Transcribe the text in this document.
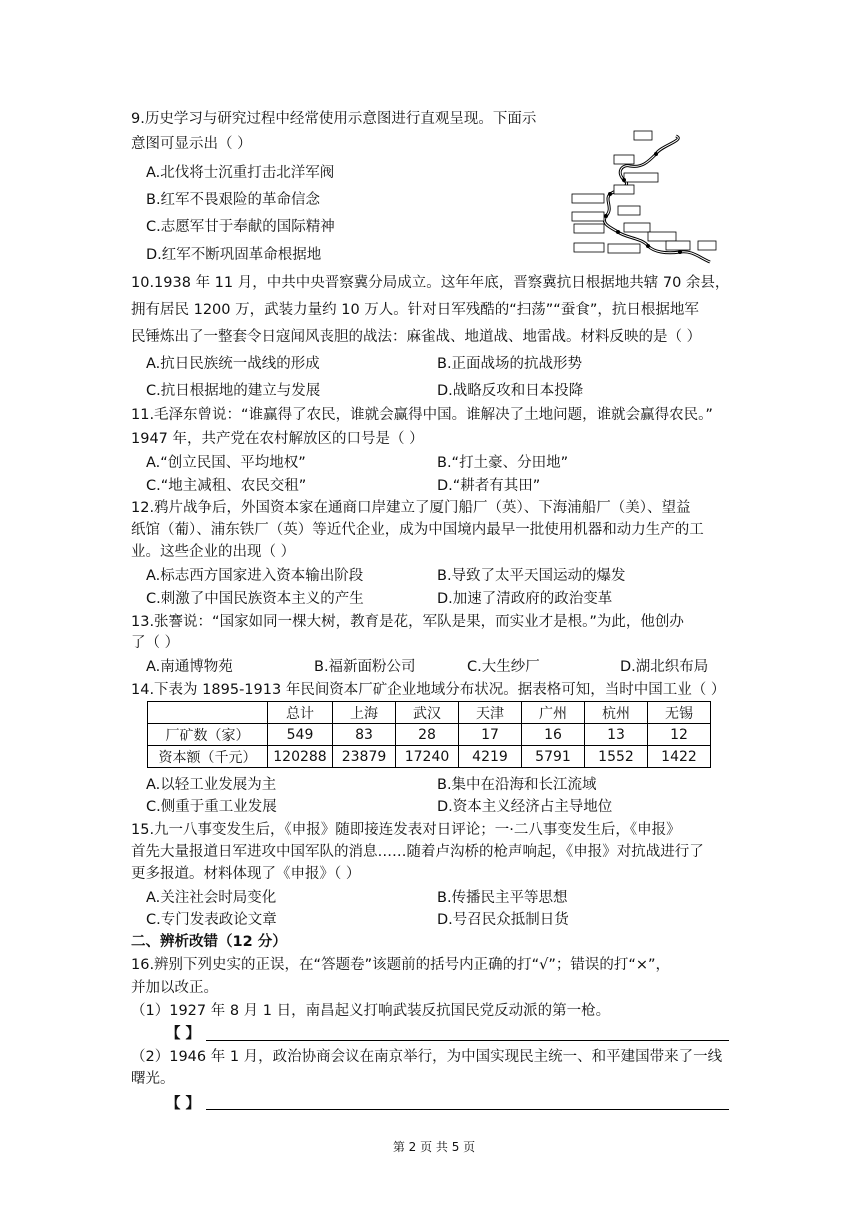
9.历史学习与研究过程中经常使用示意图进行直观呈现。下面示
意图可显示出（ ）
A.北伐将士沉重打击北洋军阀
B.红军不畏艰险的革命信念
C.志愿军甘于奉献的国际精神
D.红军不断巩固革命根据地
10.1938 年 11 月，中共中央晋察冀分局成立。这年年底，晋察冀抗日根据地共辖 70 余县，
拥有居民 1200 万，武装力量约 10 万人。针对日军残酷的“扫荡”“蚕食”，抗日根据地军
民锤炼出了一整套令日寇闻风丧胆的战法：麻雀战、地道战、地雷战。材料反映的是（ ）
A.抗日民族统一战线的形成	B.正面战场的抗战形势
C.抗日根据地的建立与发展	D.战略反攻和日本投降
11.毛泽东曾说：“谁赢得了农民，谁就会赢得中国。谁解决了土地问题，谁就会赢得农民。”
1947 年，共产党在农村解放区的口号是（ ）
A.“创立民国、平均地权”	B.“打土豪、分田地”
C.“地主减租、农民交租”	D.“耕者有其田”
12.鸦片战争后，外国资本家在通商口岸建立了厦门船厂（英）、下海浦船厂（美）、望益
纸馆（葡）、浦东铁厂（英）等近代企业，成为中国境内最早一批使用机器和动力生产的工
业。这些企业的出现（ ）
A.标志西方国家进入资本输出阶段	B.导致了太平天国运动的爆发
C.刺激了中国民族资本主义的产生	D.加速了清政府的政治变革
13.张謇说：“国家如同一棵大树，教育是花，军队是果，而实业才是根。”为此，他创办
了（ ）
A.南通博物苑	B.福新面粉公司	C.大生纱厂	D.湖北织布局
14.下表为 1895-1913 年民间资本厂矿企业地域分布状况。据表格可知，当时中国工业（ ）
	总计	上海	武汉	天津	广州	杭州	无锡
厂矿数（家）	549	83	28	17	16	13	12
资本额（千元）	120288	23879	17240	4219	5791	1552	1422
A.以轻工业发展为主	B.集中在沿海和长江流域
C.侧重于重工业发展	D.资本主义经济占主导地位
15.九一八事变发生后，《申报》随即接连发表对日评论；一·二八事变发生后，《申报》
首先大量报道日军进攻中国军队的消息……随着卢沟桥的枪声响起，《申报》对抗战进行了
更多报道。材料体现了《申报》（ ）
A.关注社会时局变化	B.传播民主平等思想
C.专门发表政论文章	D.号召民众抵制日货
二、辨析改错（12 分）
16.辨别下列史实的正误，在“答题卷”该题前的括号内正确的打“√”；错误的打“×”，
并加以改正。
（1）1927 年 8 月 1 日，南昌起义打响武装反抗国民党反动派的第一枪。
【 】
（2）1946 年 1 月，政治协商会议在南京举行，为中国实现民主统一、和平建国带来了一线
曙光。
【 】
第 2 页 共 5 页
